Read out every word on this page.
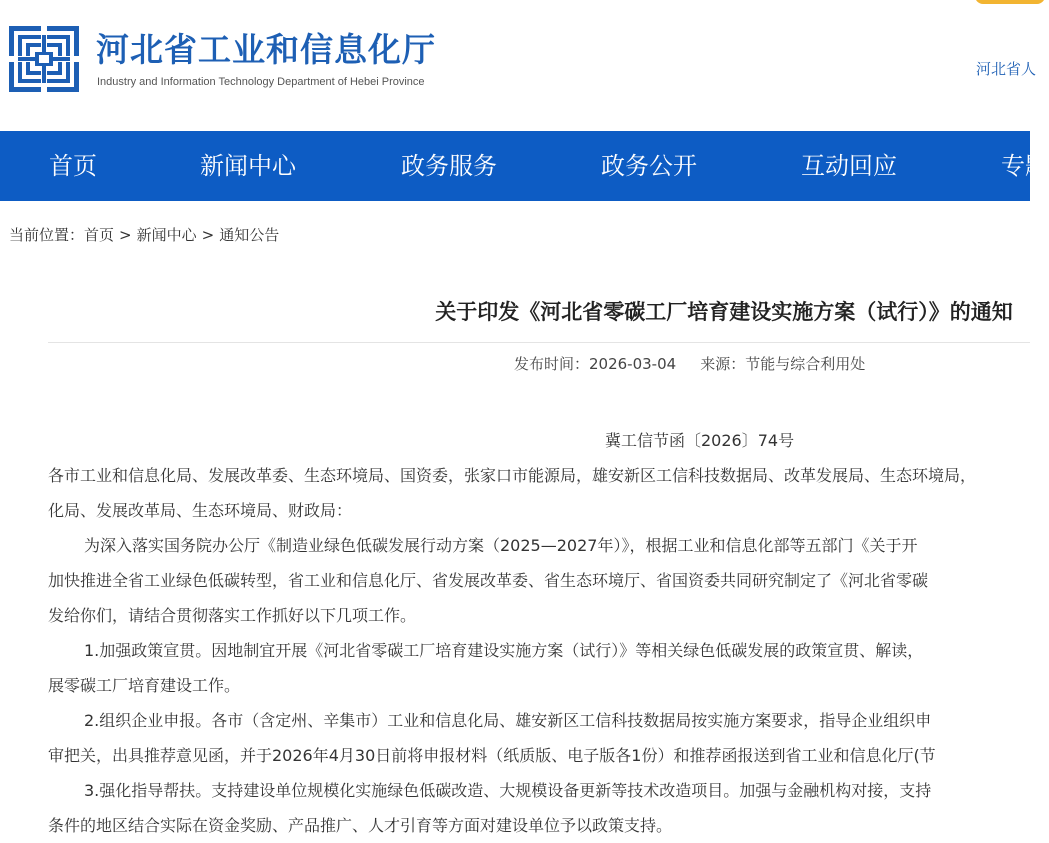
河北省工业和信息化厅
Industry and Information Technology Department of Hebei Province
河北省人
首页	新闻中心	政务服务	政务公开	互动回应	专题
当前位置：首页 > 新闻中心 > 通知公告
关于印发《河北省零碳工厂培育建设实施方案（试行）》的通知
发布时间：2026-03-04 来源：节能与综合利用处
冀工信节函〔2026〕74号
各市工业和信息化局、发展改革委、生态环境局、国资委，张家口市能源局，雄安新区工信科技数据局、改革发展局、生态环境局，
化局、发展改革局、生态环境局、财政局：
为深入落实国务院办公厅《制造业绿色低碳发展行动方案（2025—2027年）》，根据工业和信息化部等五部门《关于开
加快推进全省工业绿色低碳转型，省工业和信息化厅、省发展改革委、省生态环境厅、省国资委共同研究制定了《河北省零碳
发给你们，请结合贯彻落实工作抓好以下几项工作。
1.加强政策宣贯。因地制宜开展《河北省零碳工厂培育建设实施方案（试行）》等相关绿色低碳发展的政策宣贯、解读，
展零碳工厂培育建设工作。
2.组织企业申报。各市（含定州、辛集市）工业和信息化局、雄安新区工信科技数据局按实施方案要求，指导企业组织申
审把关，出具推荐意见函，并于2026年4月30日前将申报材料（纸质版、电子版各1份）和推荐函报送到省工业和信息化厅(节
3.强化指导帮扶。支持建设单位规模化实施绿色低碳改造、大规模设备更新等技术改造项目。加强与金融机构对接，支持
条件的地区结合实际在资金奖励、产品推广、人才引育等方面对建设单位予以政策支持。
